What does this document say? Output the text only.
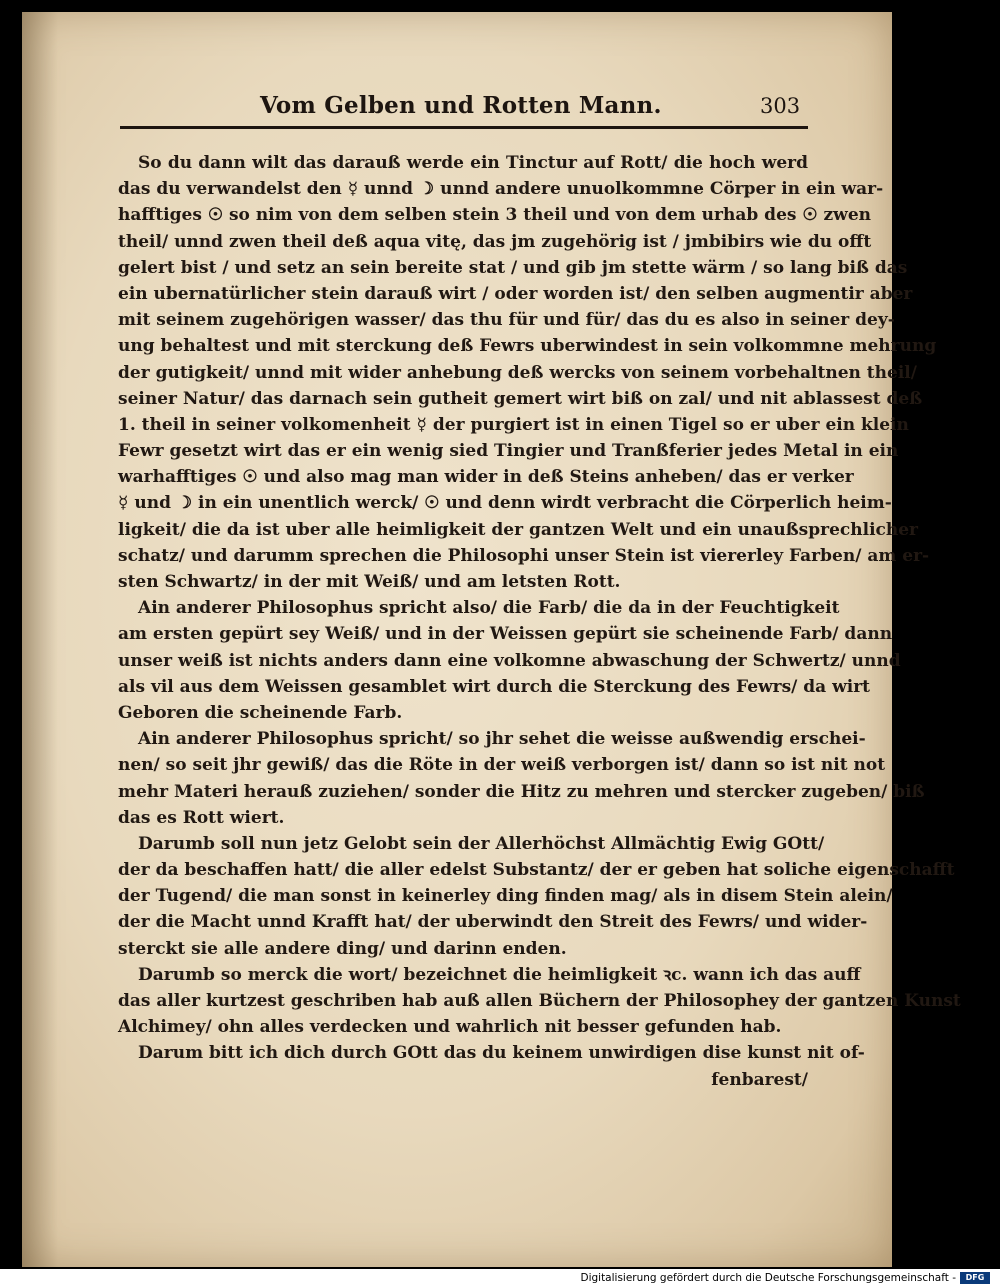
Vom Gelben und Rotten Mann.	303
So du dann wilt das darauß werde ein Tinctur auf Rott/ die hoch werd
das du verwandelst den ☿ unnd ☽ unnd andere unuolkommne Cörper in ein war-
hafftiges ☉ so nim von dem selben stein 3 theil und von dem urhab des ☉ zwen
theil/ unnd zwen theil deß aqua vitę, das jm zugehörig ist / jmbibirs wie du offt
gelert bist / und setz an sein bereite stat / und gib jm stette wärm / so lang biß das
ein ubernatürlicher stein darauß wirt / oder worden ist/ den selben augmentir aber
mit seinem zugehörigen wasser/ das thu für und für/ das du es also in seiner dey-
ung behaltest und mit sterckung deß Fewrs uberwindest in sein volkommne mehrung
der gutigkeit/ unnd mit wider anhebung deß wercks von seinem vorbehaltnen theil/
seiner Natur/ das darnach sein gutheit gemert wirt biß on zal/ und nit ablassest deß
1. theil in seiner volkomenheit ☿ der purgiert ist in einen Tigel so er uber ein klein
Fewr gesetzt wirt das er ein wenig sied Tingier und Tranßferier jedes Metal in ein
warhafftiges ☉ und also mag man wider in deß Steins anheben/ das er verker
☿ und ☽ in ein unentlich werck/ ☉ und denn wirdt verbracht die Cörperlich heim-
ligkeit/ die da ist uber alle heimligkeit der gantzen Welt und ein unaußsprechlicher
schatz/ und darumm sprechen die Philosophi unser Stein ist viererley Farben/ am er-
sten Schwartz/ in der mit Weiß/ und am letsten Rott.
Ain anderer Philosophus spricht also/ die Farb/ die da in der Feuchtigkeit
am ersten gepürt sey Weiß/ und in der Weissen gepürt sie scheinende Farb/ dann
unser weiß ist nichts anders dann eine volkomne abwaschung der Schwertz/ unnd
als vil aus dem Weissen gesamblet wirt durch die Sterckung des Fewrs/ da wirt
Geboren die scheinende Farb.
Ain anderer Philosophus spricht/ so jhr sehet die weisse außwendig erschei-
nen/ so seit jhr gewiß/ das die Röte in der weiß verborgen ist/ dann so ist nit not
mehr Materi herauß zuziehen/ sonder die Hitz zu mehren und stercker zugeben/ biß
das es Rott wiert.
Darumb soll nun jetz Gelobt sein der Allerhöchst Allmächtig Ewig GOtt/
der da beschaffen hatt/ die aller edelst Substantz/ der er geben hat soliche eigenschafft
der Tugend/ die man sonst in keinerley ding finden mag/ als in disem Stein alein/
der die Macht unnd Krafft hat/ der uberwindt den Streit des Fewrs/ und wider-
sterckt sie alle andere ding/ und darinn enden.
Darumb so merck die wort/ bezeichnet die heimligkeit ꝛc. wann ich das auff
das aller kurtzest geschriben hab auß allen Büchern der Philosophey der gantzen Kunst
Alchimey/ ohn alles verdecken und wahrlich nit besser gefunden hab.
Darum bitt ich dich durch GOtt das du keinem unwirdigen dise kunst nit of-
fenbarest/
Digitalisierung gefördert durch die Deutsche Forschungsgemeinschaft -	DFG
